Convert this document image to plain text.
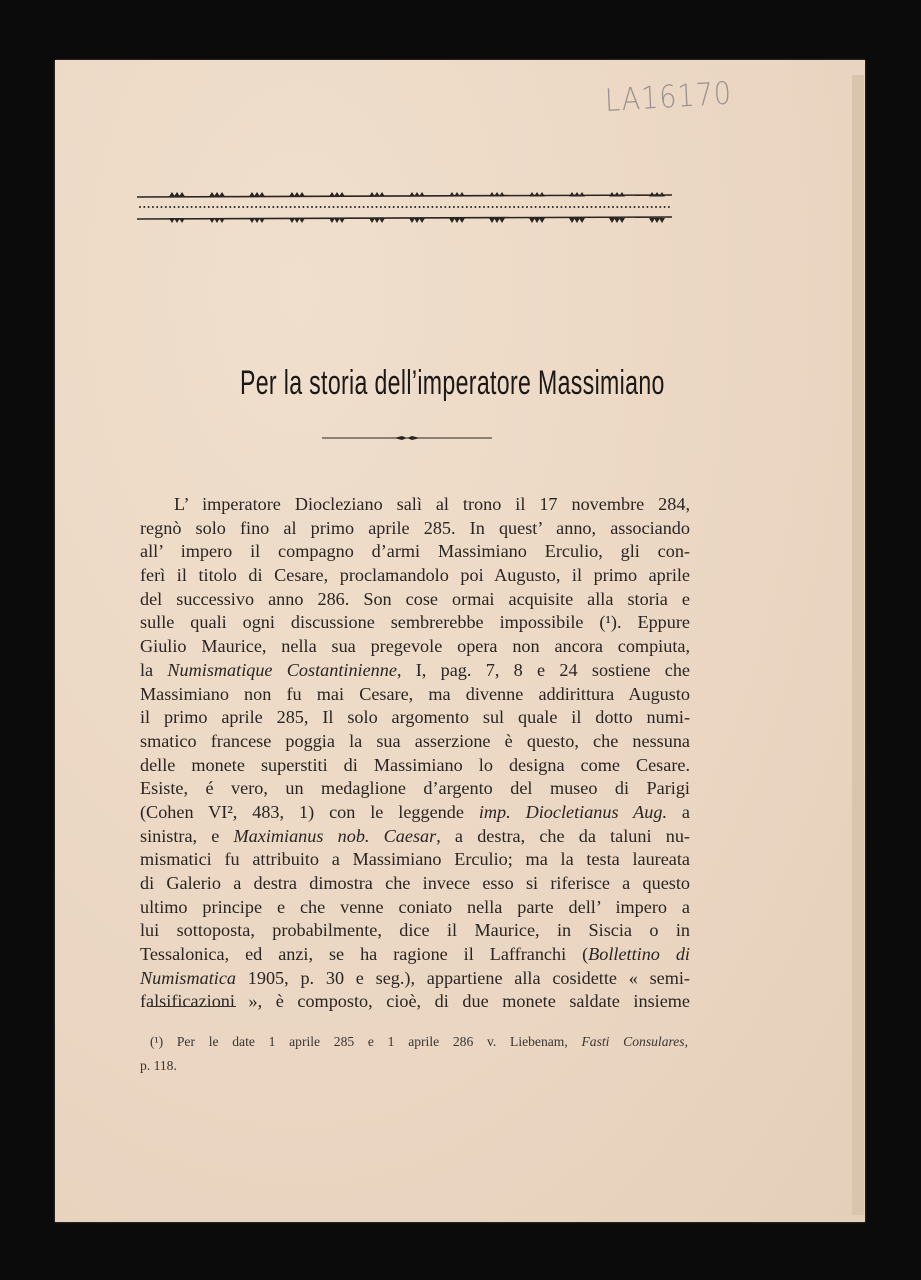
LA16170
Per la storia dell’imperatore Massimiano
L’ imperatore Diocleziano salì al trono il 17 novembre 284,
regnò solo fino al primo aprile 285. In quest’ anno, associando
all’ impero il compagno d’armi Massimiano Erculio, gli con-
ferì il titolo di Cesare, proclamandolo poi Augusto, il primo aprile
del successivo anno 286. Son cose ormai acquisite alla storia e
sulle quali ogni discussione sembrerebbe impossibile (¹). Eppure
Giulio Maurice, nella sua pregevole opera non ancora compiuta,
la Numismatique Costantinienne, I, pag. 7, 8 e 24 sostiene che
Massimiano non fu mai Cesare, ma divenne addirittura Augusto
il primo aprile 285, Il solo argomento sul quale il dotto numi-
smatico francese poggia la sua asserzione è questo, che nessuna
delle monete superstiti di Massimiano lo designa come Cesare.
Esiste, é vero, un medaglione d’argento del museo di Parigi
(Cohen VI², 483, 1) con le leggende imp. Diocletianus Aug. a
sinistra, e Maximianus nob. Caesar, a destra, che da taluni nu-
mismatici fu attribuito a Massimiano Erculio; ma la testa laureata
di Galerio a destra dimostra che invece esso si riferisce a questo
ultimo principe e che venne coniato nella parte dell’ impero a
lui sottoposta, probabilmente, dice il Maurice, in Siscia o in
Tessalonica, ed anzi, se ha ragione il Laffranchi (Bollettino di
Numismatica 1905, p. 30 e seg.), appartiene alla cosidette « semi-
falsificazioni », è composto, cioè, di due monete saldate insieme
(¹) Per le date 1 aprile 285 e 1 aprile 286 v. Liebenam, Fasti Consulares,
p. 118.
